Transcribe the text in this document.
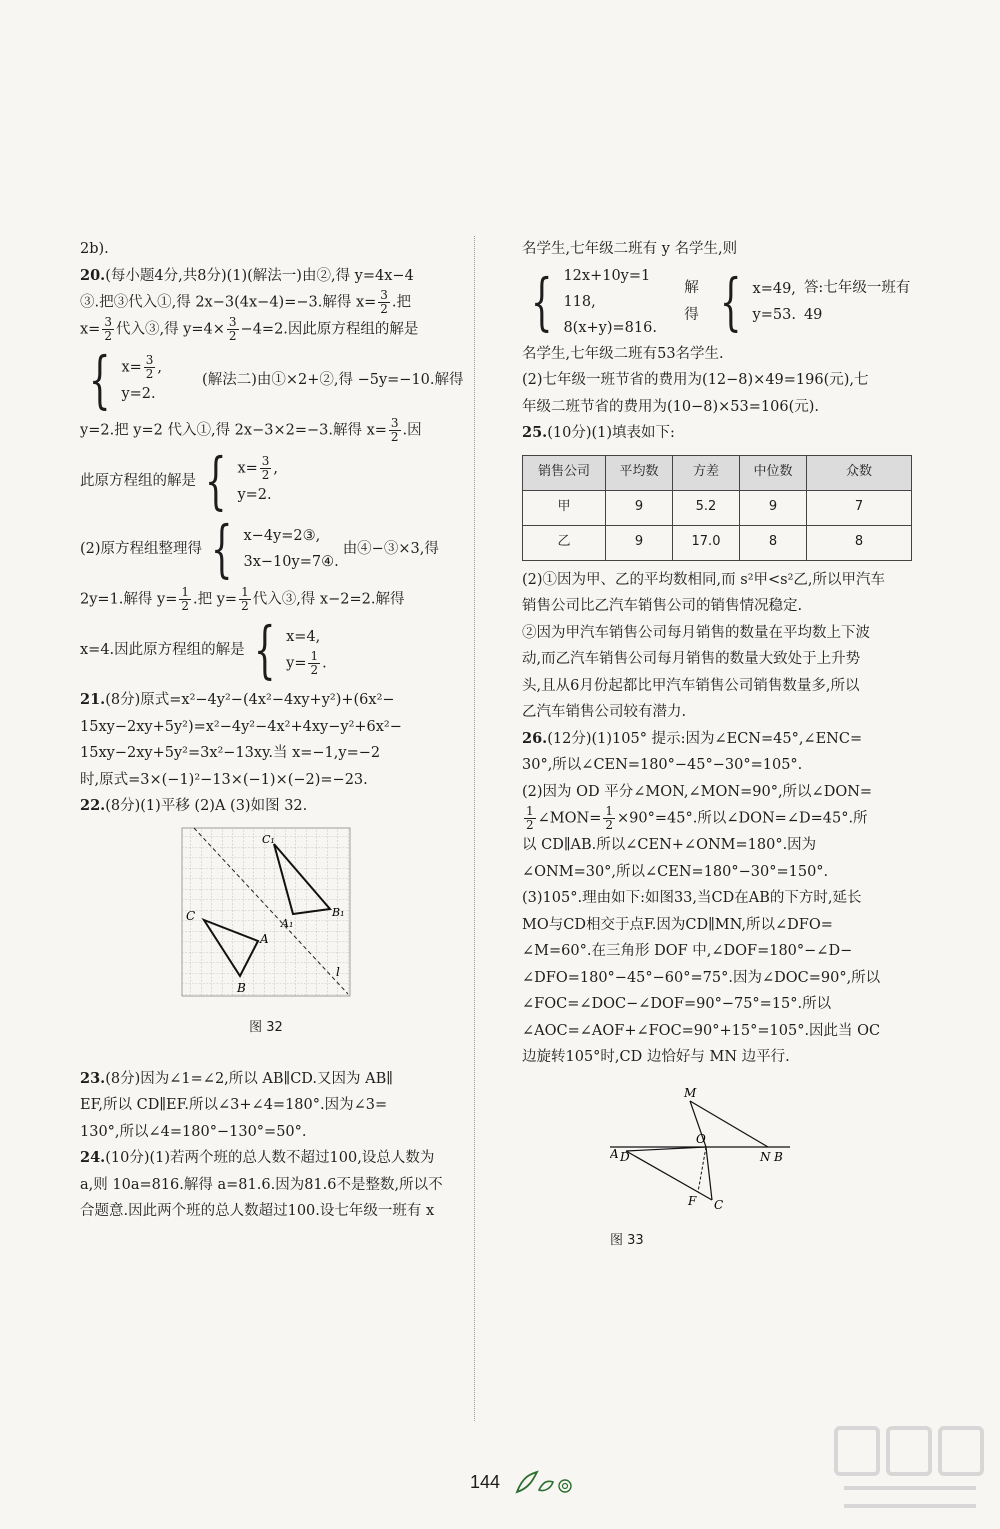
2b).

20.(每小题4分,共8分)(1)(解法一)由②,得 y=4x−4

③.把③代入①,得 2x−3(4x−4)=−3.解得 $x= \frac{3}{2}$ .把

$x= \frac{3}{2}$ 代入③,得 $y=4\times \frac{3}{2} -4=2$.因此原方程组的解是

{ $x= \frac{3}{2}$ ,
y=2.
(解法二)由①×2+②,得 −5y=−10.解得

y=2.把 y=2 代入①,得 2x−3×2=−3.解得 $x= \frac{3}{2}$ .因

此原方程组的解是 { $x= \frac{3}{2}$ ,
y=2.
(2)原方程组整理得 { x−4y=2③,
3x−10y=7④.
由④−③×3,得

2y=1.解得 $y= \frac{1}{2}$ .把 $y= \frac{1}{2}$ 代入③,得 x−2=2.解得

x=4.因此原方程组的解是 { x=4,
$y= \frac{1}{2}$ .

21.(8分)原式=x²−4y²−(4x²−4xy+y²)+(6x²−

15xy−2xy+5y²)=x²−4y²−4x²+4xy−y²+6x²−

15xy−2xy+5y²=3x²−13xy.当 x=−1,y=−2

时,原式=3×(−1)²−13×(−1)×(−2)=−23.

22.(8分)(1)平移 (2)A (3)如图 32.

C₁
B₁
A₁
C
A
B
l
图 32

23.(8分)因为∠1=∠2,所以 AB∥CD.又因为 AB∥

EF,所以 CD∥EF.所以∠3+∠4=180°.因为∠3=

130°,所以∠4=180°−130°=50°.

24.(10分)(1)若两个班的总人数不超过100,设总人数为

a,则 10a=816.解得 a=81.6.因为81.6不是整数,所以不

合题意.因此两个班的总人数超过100.设七年级一班有 x

名学生,七年级二班有 y 名学生,则

{ 12x+10y=1 118,
8(x+y)=816.
解得 { x=49,
y=53.
答:七年级一班有 49

名学生,七年级二班有53名学生.

(2)七年级一班节省的费用为(12−8)×49=196(元),七

年级二班节省的费用为(10−8)×53=106(元).

25.(10分)(1)填表如下:

销售公司	平均数	方差	中位数	众数
甲	9	5.2	9	7
乙	9	17.0	8	8

(2)①因为甲、乙的平均数相同,而 s²甲<s²乙,所以甲汽车

销售公司比乙汽车销售公司的销售情况稳定.

②因为甲汽车销售公司每月销售的数量在平均数上下波

动,而乙汽车销售公司每月销售的数量大致处于上升势

头,且从6月份起都比甲汽车销售公司销售数量多,所以

乙汽车销售公司较有潜力.

26.(12分)(1)105° 提示:因为∠ECN=45°,∠ENC=

30°,所以∠CEN=180°−45°−30°=105°.

(2)因为 OD 平分∠MON,∠MON=90°,所以∠DON=

$\frac{1}{2}$ ∠MON= $\frac{1}{2} \times 90^\circ=45^\circ$.所以∠DON=∠D=45°.所

以 CD∥AB.所以∠CEN+∠ONM=180°.因为

∠ONM=30°,所以∠CEN=180°−30°=150°.

(3)105°.理由如下:如图33,当CD在AB的下方时,延长

MO与CD相交于点F.因为CD∥MN,所以∠DFO=

∠M=60°.在三角形 DOF 中,∠DOF=180°−∠D−

∠DFO=180°−45°−60°=75°.因为∠DOC=90°,所以

∠FOC=∠DOC−∠DOF=90°−75°=15°.所以

∠AOC=∠AOF+∠FOC=90°+15°=105°.因此当 OC

边旋转105°时,CD 边恰好与 MN 边平行.

M
O
A D	N B
F C
图 33
144
